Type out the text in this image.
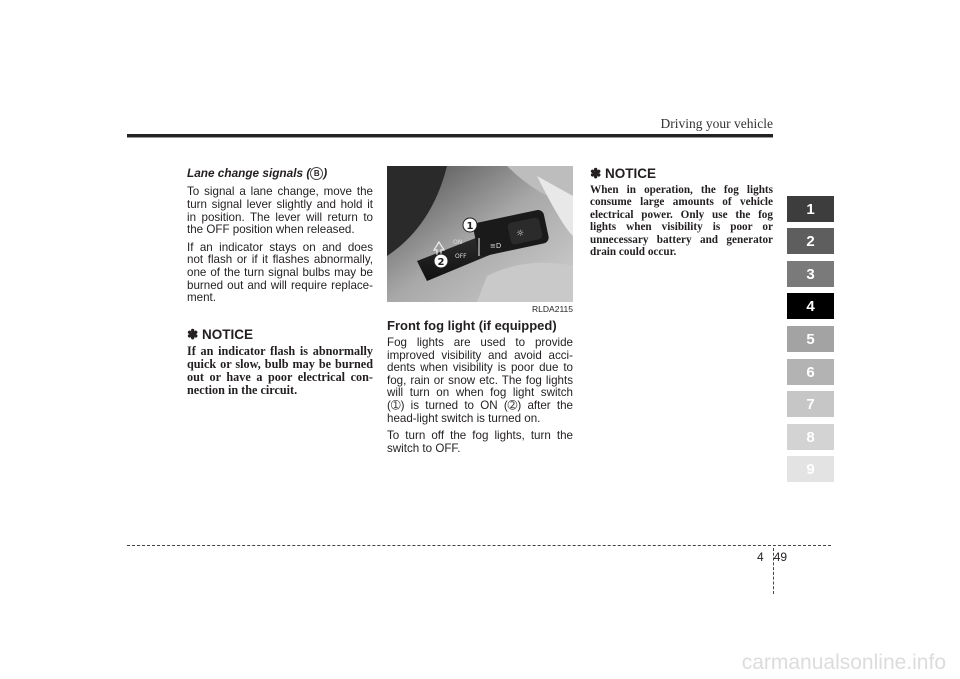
Driving your vehicle

Lane change signals ( B )

To signal a lane change, move the turn signal lever slightly and hold it in position. The lever will return to the OFF position when released.

If an indicator stays on and does not flash or if it flashes abnormally, one of the turn signal bulbs may be burned out and will require replace-ment.

✽ NOTICE

If an indicator flash is abnormally quick or slow, bulb may be burned out or have a poor electrical con-nection in the circuit.

☼
≡D
ON
OFF
1
2
RLDA2115

Front fog light (if equipped)

Fog lights are used to provide improved visibility and avoid acci-dents when visibility is poor due to fog, rain or snow etc. The fog lights will turn on when fog light switch (➀) is turned to ON (➁) after the head-light switch is turned on.

To turn off the fog lights, turn the switch to OFF.

✽ NOTICE

When in operation, the fog lights consume large amounts of vehicle electrical power. Only use the fog lights when visibility is poor or unnecessary battery and generator drain could occur.

1
2
3
4
5
6
7
8
9
4 49
carmanualsonline.info
